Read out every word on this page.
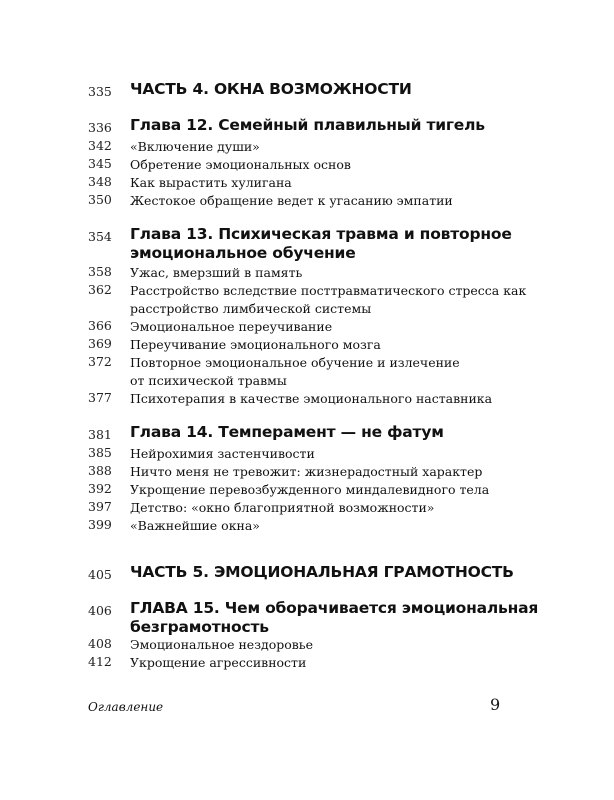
335 ЧАСТЬ 4. ОКНА ВОЗМОЖНОСТИ
336 Глава 12. Семейный плавильный тигель
342 «Включение души»
345 Обретение эмоциональных основ
348 Как вырастить хулигана
350 Жестокое обращение ведет к угасанию эмпатии
354 Глава 13. Психическая травма и повторное
эмоциональное обучение
358 Ужас, вмерзший в память
362 Расстройство вследствие посттравматического стресса как
расстройство лимбической системы
366 Эмоциональное переучивание
369 Переучивание эмоционального мозга
372 Повторное эмоциональное обучение и излечение
от психической травмы
377 Психотерапия в качестве эмоционального наставника
381 Глава 14. Темперамент — не фатум
385 Нейрохимия застенчивости
388 Ничто меня не тревожит: жизнерадостный характер
392 Укрощение перевозбужденного миндалевидного тела
397 Детство: «окно благоприятной возможности»
399 «Важнейшие окна»
405 ЧАСТЬ 5. ЭМОЦИОНАЛЬНАЯ ГРАМОТНОСТЬ
406 ГЛАВА 15. Чем оборачивается эмоциональная
безграмотность
408 Эмоциональное нездоровье
412 Укрощение агрессивности
Оглавление	9
